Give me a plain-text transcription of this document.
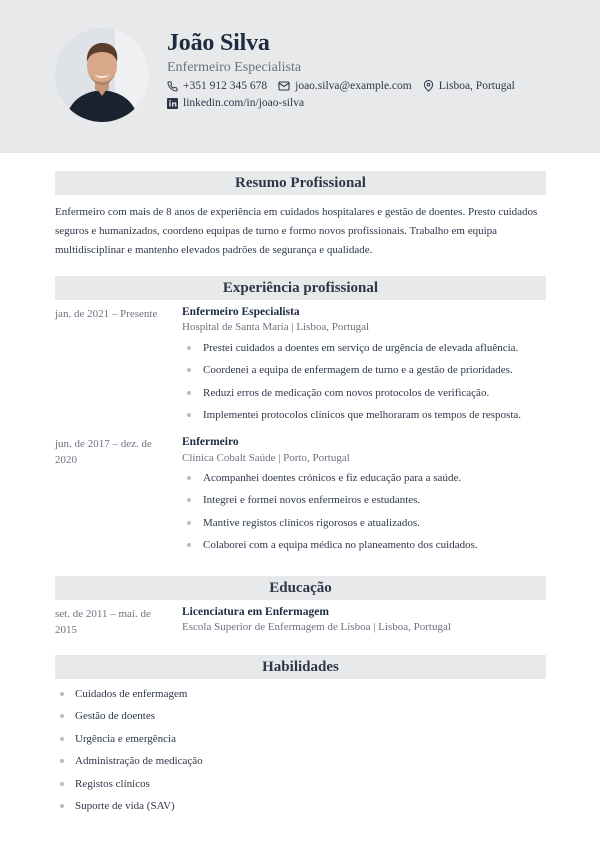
João Silva
Enfermeiro Especialista
+351 912 345 678 joao.silva@example.com Lisboa, Portugal
linkedin.com/in/joao-silva
Resumo Profissional

Enfermeiro com mais de 8 anos de experiência em cuidados hospitalares e gestão de doentes. Presto cuidados seguros e humanizados, coordeno equipas de turno e formo novos profissionais. Trabalho em equipa multidisciplinar e mantenho elevados padrões de segurança e qualidade.

Experiência profissional
jan. de 2021 – Presente	Enfermeiro Especialista
Hospital de Santa Maria | Lisboa, Portugal
Prestei cuidados a doentes em serviço de urgência de elevada afluência.
Coordenei a equipa de enfermagem de turno e a gestão de prioridades.
Reduzi erros de medicação com novos protocolos de verificação.
Implementei protocolos clínicos que melhoraram os tempos de resposta.
jun. de 2017 – dez. de 2020
Enfermeiro
Clínica Cobalt Saúde | Porto, Portugal
Acompanhei doentes crónicos e fiz educação para a saúde.
Integrei e formei novos enfermeiros e estudantes.
Mantive registos clínicos rigorosos e atualizados.
Colaborei com a equipa médica no planeamento dos cuidados.
Educação
set. de 2011 – mai. de 2015
Licenciatura em Enfermagem
Escola Superior de Enfermagem de Lisboa | Lisboa, Portugal
Habilidades
Cuidados de enfermagem
Gestão de doentes
Urgência e emergência
Administração de medicação
Registos clínicos
Suporte de vida (SAV)
